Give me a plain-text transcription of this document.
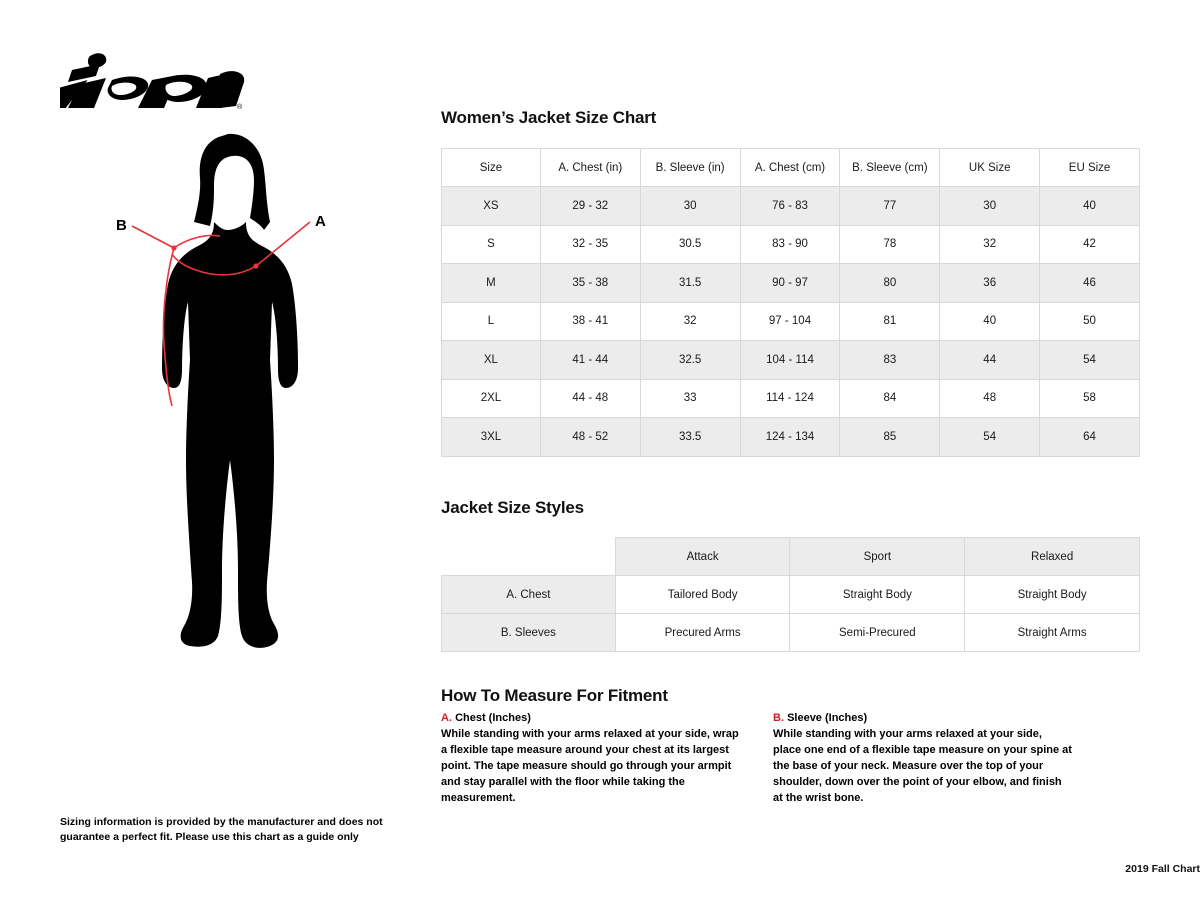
®
A
B
Sizing information is provided by the manufacturer and does not guarantee a perfect fit. Please use this chart as a guide only
Women’s Jacket Size Chart
Size	A. Chest (in)	B. Sleeve (in)	A. Chest (cm)	B. Sleeve (cm)	UK Size	EU Size
XS	29 - 32	30	76 - 83	77	30	40
S	32 - 35	30.5	83 - 90	78	32	42
M	35 - 38	31.5	90 - 97	80	36	46
L	38 - 41	32	97 - 104	81	40	50
XL	41 - 44	32.5	104 - 114	83	44	54
2XL	44 - 48	33	114 - 124	84	48	58
3XL	48 - 52	33.5	124 - 134	85	54	64
Jacket Size Styles
	Attack	Sport	Relaxed
A. Chest	Tailored Body	Straight Body	Straight Body
B. Sleeves	Precured Arms	Semi-Precured	Straight Arms
How To Measure For Fitment
A. Chest (Inches)
While standing with your arms relaxed at your side, wrap a flexible tape measure around your chest at its largest point. The tape measure should go through your armpit and stay parallel with the floor while taking the measurement.
B. Sleeve (Inches)
While standing with your arms relaxed at your side, place one end of a flexible tape measure on your spine at the base of your neck. Measure over the top of your shoulder, down over the point of your elbow, and finish at the wrist bone.
2019 Fall Chart
